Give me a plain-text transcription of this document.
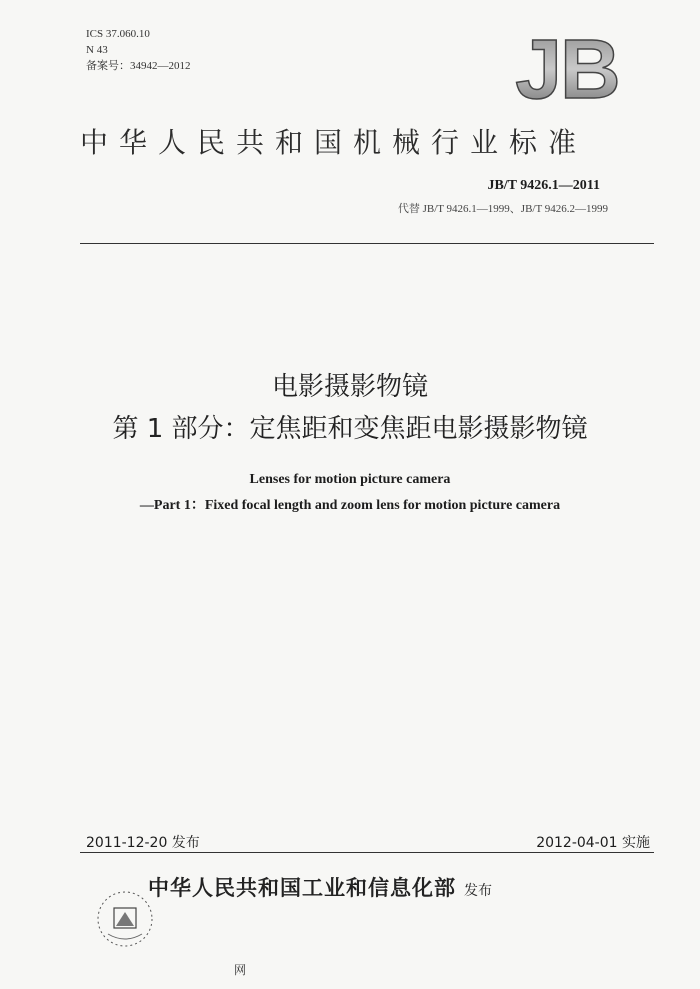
ICS 37.060.10
N 43
备案号：34942—2012	JB
中华人民共和国机械行业标准
JB/T 9426.1—2011
代替 JB/T 9426.1—1999、JB/T 9426.2—1999
电影摄影物镜
第 1 部分：定焦距和变焦距电影摄影物镜
Lenses for motion picture camera
—Part 1：Fixed focal length and zoom lens for motion picture camera
2011-12-20 发布	2012-04-01 实施
中华人民共和国工业和信息化部 发布
网
